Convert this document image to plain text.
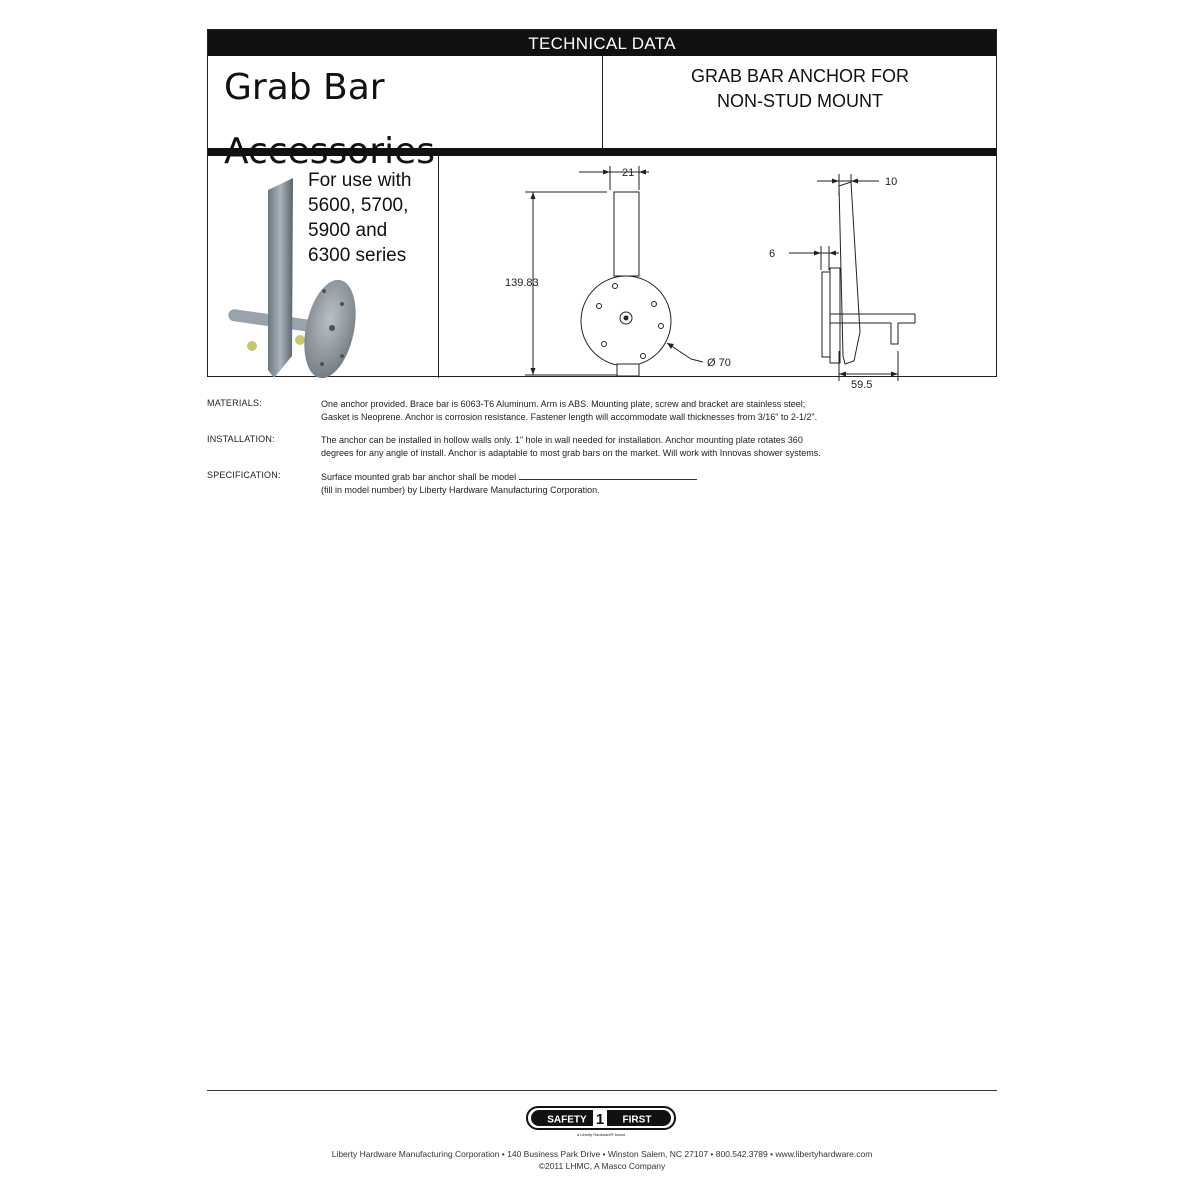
TECHNICAL DATA
Grab Bar Accessories
GRAB BAR ANCHOR FOR
NON-STUD MOUNT
For use with
5600, 5700,
5900 and
6300 series
21
139.83
Ø 70
10
6
59.5
MATERIALS:	One anchor provided. Brace bar is 6063-T6 Aluminum. Arm is ABS. Mounting plate, screw and bracket are stainless steel;
Gasket is Neoprene. Anchor is corrosion resistance. Fastener length will accommodate wall thicknesses from 3/16" to 2-1/2".
INSTALLATION:	The anchor can be installed in hollow walls only. 1" hole in wall needed for installation. Anchor mounting plate rotates 360
degrees for any angle of install. Anchor is adaptable to most grab bars on the market. Will work with Innovas shower systems.
SPECIFICATION:	Surface mounted grab bar anchor shall be model
(fill in model number) by Liberty Hardware Manufacturing Corporation.
SAFETY 1 FIRST
a Liberty Hardware® brand
Liberty Hardware Manufacturing Corporation • 140 Business Park Drive • Winston Salem, NC 27107 • 800.542.3789 • www.libertyhardware.com
©2011 LHMC, A Masco Company
